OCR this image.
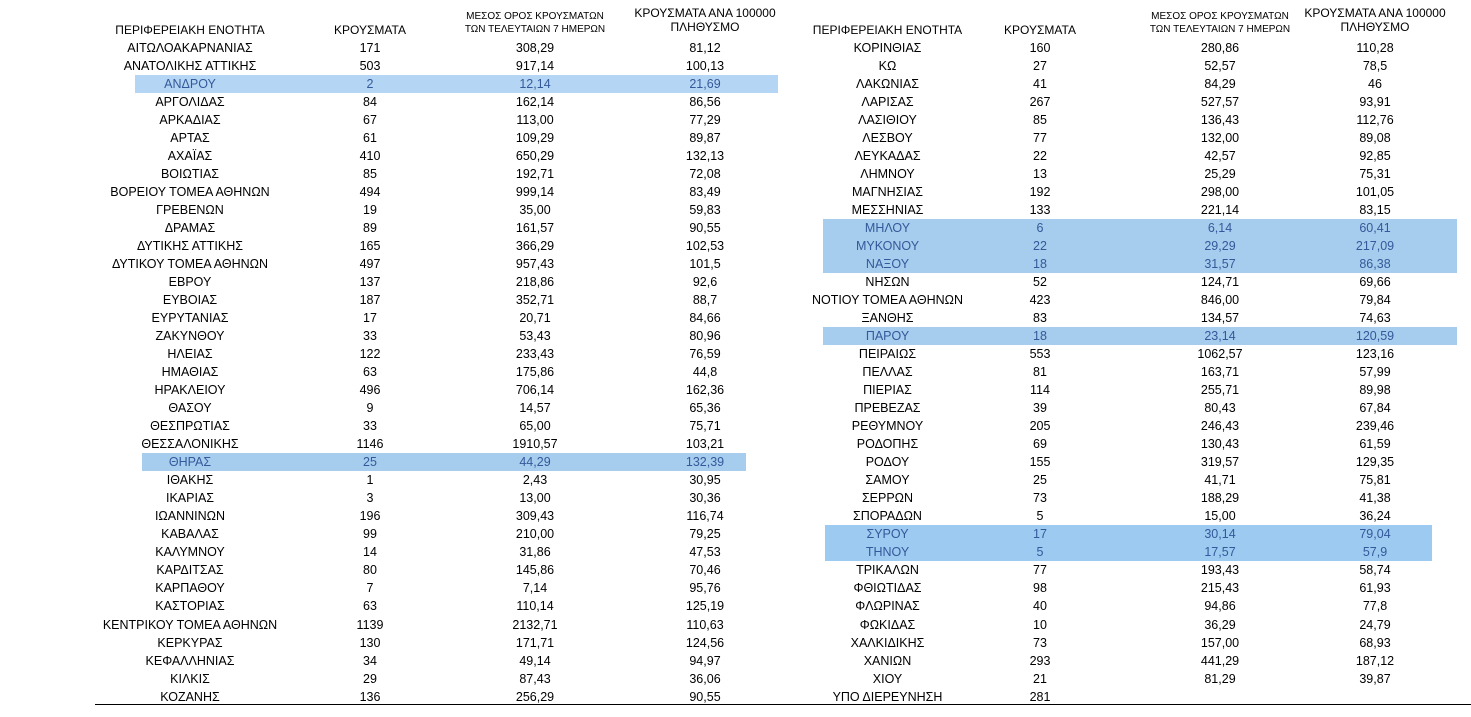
ΠΕΡΙΦΕΡΕΙΑΚΗ ΕΝΟΤΗΤΑ	ΚΡΟΥΣΜΑΤΑ
ΜΕΣΟΣ ΟΡΟΣ ΚΡΟΥΣΜΑΤΩΝ
ΤΩΝ ΤΕΛΕΥΤΑΙΩΝ 7 ΗΜΕΡΩΝ
ΚΡΟΥΣΜΑΤΑ ΑΝΑ 100000
ΠΛΗΘΥΣΜΟ
ΑΙΤΩΛΟΑΚΑΡΝΑΝΙΑΣ	171	308,29	81,12
ΑΝΑΤΟΛΙΚΗΣ ΑΤΤΙΚΗΣ	503	917,14	100,13
ΑΝΔΡΟΥ	2	12,14	21,69
ΑΡΓΟΛΙΔΑΣ	84	162,14	86,56
ΑΡΚΑΔΙΑΣ	67	113,00	77,29
ΑΡΤΑΣ	61	109,29	89,87
ΑΧΑΪΑΣ	410	650,29	132,13
ΒΟΙΩΤΙΑΣ	85	192,71	72,08
ΒΟΡΕΙΟΥ ΤΟΜΕΑ ΑΘΗΝΩΝ	494	999,14	83,49
ΓΡΕΒΕΝΩΝ	19	35,00	59,83
ΔΡΑΜΑΣ	89	161,57	90,55
ΔΥΤΙΚΗΣ ΑΤΤΙΚΗΣ	165	366,29	102,53
ΔΥΤΙΚΟΥ ΤΟΜΕΑ ΑΘΗΝΩΝ	497	957,43	101,5
ΕΒΡΟΥ	137	218,86	92,6
ΕΥΒΟΙΑΣ	187	352,71	88,7
ΕΥΡΥΤΑΝΙΑΣ	17	20,71	84,66
ΖΑΚΥΝΘΟΥ	33	53,43	80,96
ΗΛΕΙΑΣ	122	233,43	76,59
ΗΜΑΘΙΑΣ	63	175,86	44,8
ΗΡΑΚΛΕΙΟΥ	496	706,14	162,36
ΘΑΣΟΥ	9	14,57	65,36
ΘΕΣΠΡΩΤΙΑΣ	33	65,00	75,71
ΘΕΣΣΑΛΟΝΙΚΗΣ	1146	1910,57	103,21
ΘΗΡΑΣ	25	44,29	132,39
ΙΘΑΚΗΣ	1	2,43	30,95
ΙΚΑΡΙΑΣ	3	13,00	30,36
ΙΩΑΝΝΙΝΩΝ	196	309,43	116,74
ΚΑΒΑΛΑΣ	99	210,00	79,25
ΚΑΛΥΜΝΟΥ	14	31,86	47,53
ΚΑΡΔΙΤΣΑΣ	80	145,86	70,46
ΚΑΡΠΑΘΟΥ	7	7,14	95,76
ΚΑΣΤΟΡΙΑΣ	63	110,14	125,19
ΚΕΝΤΡΙΚΟΥ ΤΟΜΕΑ ΑΘΗΝΩΝ	1139	2132,71	110,63
ΚΕΡΚΥΡΑΣ	130	171,71	124,56
ΚΕΦΑΛΛΗΝΙΑΣ	34	49,14	94,97
ΚΙΛΚΙΣ	29	87,43	36,06
ΚΟΖΑΝΗΣ	136	256,29	90,55
ΠΕΡΙΦΕΡΕΙΑΚΗ ΕΝΟΤΗΤΑ	ΚΡΟΥΣΜΑΤΑ
ΜΕΣΟΣ ΟΡΟΣ ΚΡΟΥΣΜΑΤΩΝ
ΤΩΝ ΤΕΛΕΥΤΑΙΩΝ 7 ΗΜΕΡΩΝ
ΚΡΟΥΣΜΑΤΑ ΑΝΑ 100000
ΠΛΗΘΥΣΜΟ
ΚΟΡΙΝΘΙΑΣ	160	280,86	110,28
ΚΩ	27	52,57	78,5
ΛΑΚΩΝΙΑΣ	41	84,29	46
ΛΑΡΙΣΑΣ	267	527,57	93,91
ΛΑΣΙΘΙΟΥ	85	136,43	112,76
ΛΕΣΒΟΥ	77	132,00	89,08
ΛΕΥΚΑΔΑΣ	22	42,57	92,85
ΛΗΜΝΟΥ	13	25,29	75,31
ΜΑΓΝΗΣΙΑΣ	192	298,00	101,05
ΜΕΣΣΗΝΙΑΣ	133	221,14	83,15
ΜΗΛΟΥ	6	6,14	60,41
ΜΥΚΟΝΟΥ	22	29,29	217,09
ΝΑΞΟΥ	18	31,57	86,38
ΝΗΣΩΝ	52	124,71	69,66
ΝΟΤΙΟΥ ΤΟΜΕΑ ΑΘΗΝΩΝ	423	846,00	79,84
ΞΑΝΘΗΣ	83	134,57	74,63
ΠΑΡΟΥ	18	23,14	120,59
ΠΕΙΡΑΙΩΣ	553	1062,57	123,16
ΠΕΛΛΑΣ	81	163,71	57,99
ΠΙΕΡΙΑΣ	114	255,71	89,98
ΠΡΕΒΕΖΑΣ	39	80,43	67,84
ΡΕΘΥΜΝΟΥ	205	246,43	239,46
ΡΟΔΟΠΗΣ	69	130,43	61,59
ΡΟΔΟΥ	155	319,57	129,35
ΣΑΜΟΥ	25	41,71	75,81
ΣΕΡΡΩΝ	73	188,29	41,38
ΣΠΟΡΑΔΩΝ	5	15,00	36,24
ΣΥΡΟΥ	17	30,14	79,04
ΤΗΝΟΥ	5	17,57	57,9
ΤΡΙΚΑΛΩΝ	77	193,43	58,74
ΦΘΙΩΤΙΔΑΣ	98	215,43	61,93
ΦΛΩΡΙΝΑΣ	40	94,86	77,8
ΦΩΚΙΔΑΣ	10	36,29	24,79
ΧΑΛΚΙΔΙΚΗΣ	73	157,00	68,93
ΧΑΝΙΩΝ	293	441,29	187,12
ΧΙΟΥ	21	81,29	39,87
ΥΠΟ ΔΙΕΡΕΥΝΗΣΗ	281
